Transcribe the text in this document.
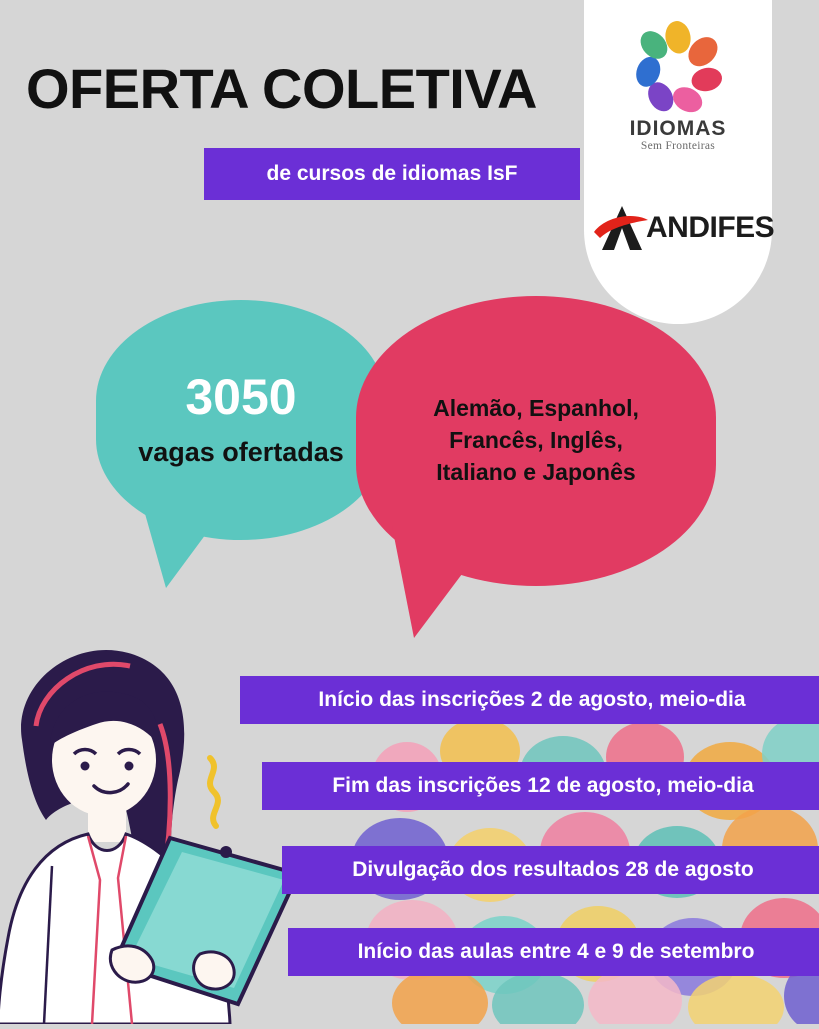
IDIOMAS
Sem Fronteiras
ANDIFES
OFERTA COLETIVA
de cursos de idiomas IsF
3050
vagas ofertadas
Alemão, Espanhol,
Francês, Inglês,
Italiano e Japonês
Início das inscrições 2 de agosto, meio-dia
Fim das inscrições 12 de agosto, meio-dia
Divulgação dos resultados 28 de agosto
Início das aulas entre 4 e 9 de setembro
